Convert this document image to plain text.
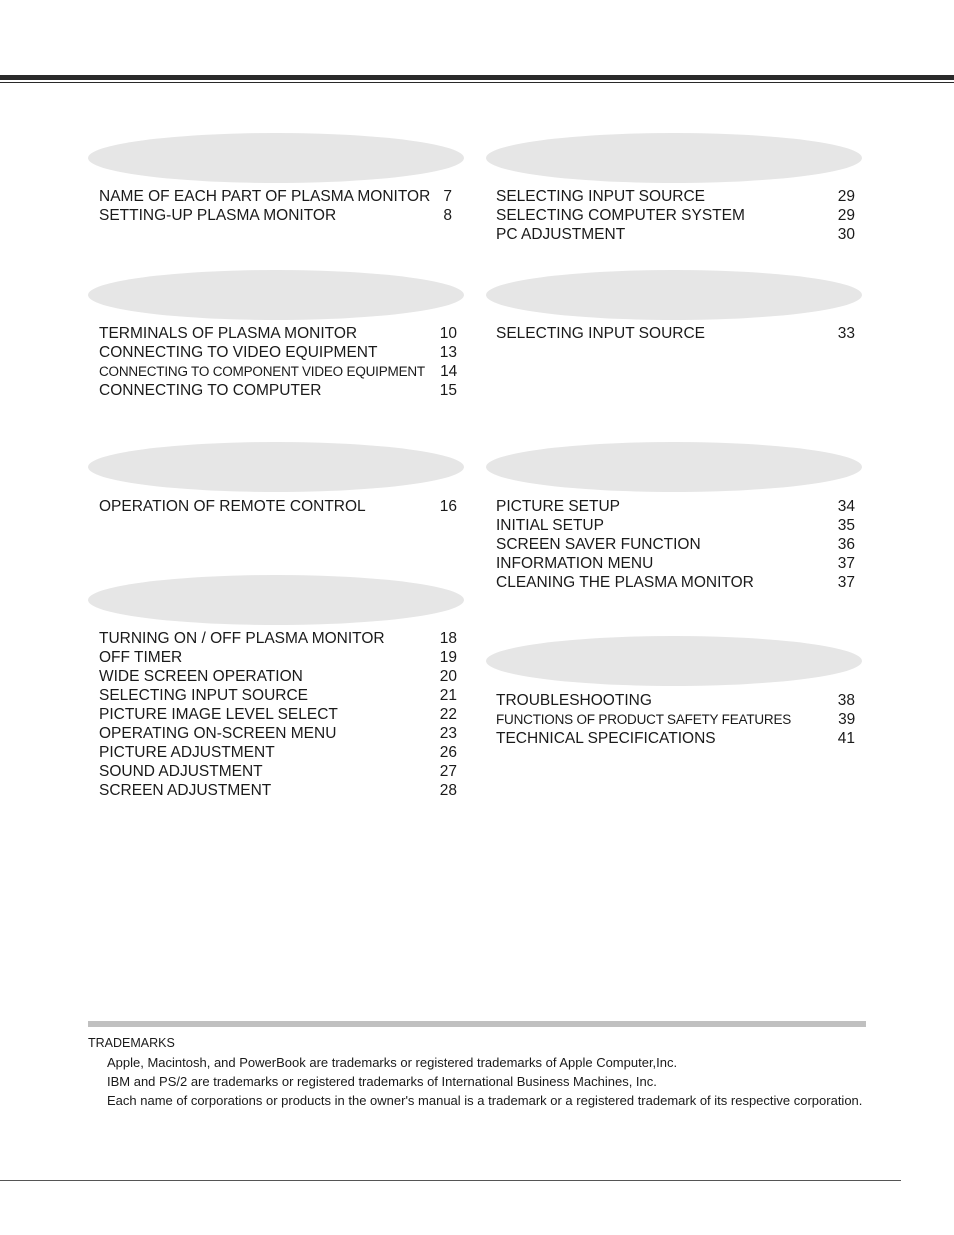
NAME OF EACH PART OF PLASMA MONITOR 7
SETTING-UP PLASMA MONITOR	8
TERMINALS OF PLASMA MONITOR	10
CONNECTING TO VIDEO EQUIPMENT	13
CONNECTING TO COMPONENT VIDEO EQUIPMENT 14
CONNECTING TO COMPUTER	15
OPERATION OF REMOTE CONTROL	16
TURNING ON / OFF PLASMA MONITOR	18
OFF TIMER	19
WIDE SCREEN OPERATION	20
SELECTING INPUT SOURCE	21
PICTURE IMAGE LEVEL SELECT	22
OPERATING ON-SCREEN MENU	23
PICTURE ADJUSTMENT	26
SOUND ADJUSTMENT	27
SCREEN ADJUSTMENT	28
SELECTING INPUT SOURCE	29
SELECTING COMPUTER SYSTEM	29
PC ADJUSTMENT	30
SELECTING INPUT SOURCE	33
PICTURE SETUP	34
INITIAL SETUP	35
SCREEN SAVER FUNCTION	36
INFORMATION MENU	37
CLEANING THE PLASMA MONITOR	37
TROUBLESHOOTING	38
FUNCTIONS OF PRODUCT SAFETY FEATURES	39
TECHNICAL SPECIFICATIONS	41
TRADEMARKS

Apple, Macintosh, and PowerBook are trademarks or registered trademarks of Apple Computer,Inc.

IBM and PS/2 are trademarks or registered trademarks of International Business Machines, Inc.

Each name of corporations or products in the owner's manual is a trademark or a registered trademark of its respective corporation.
